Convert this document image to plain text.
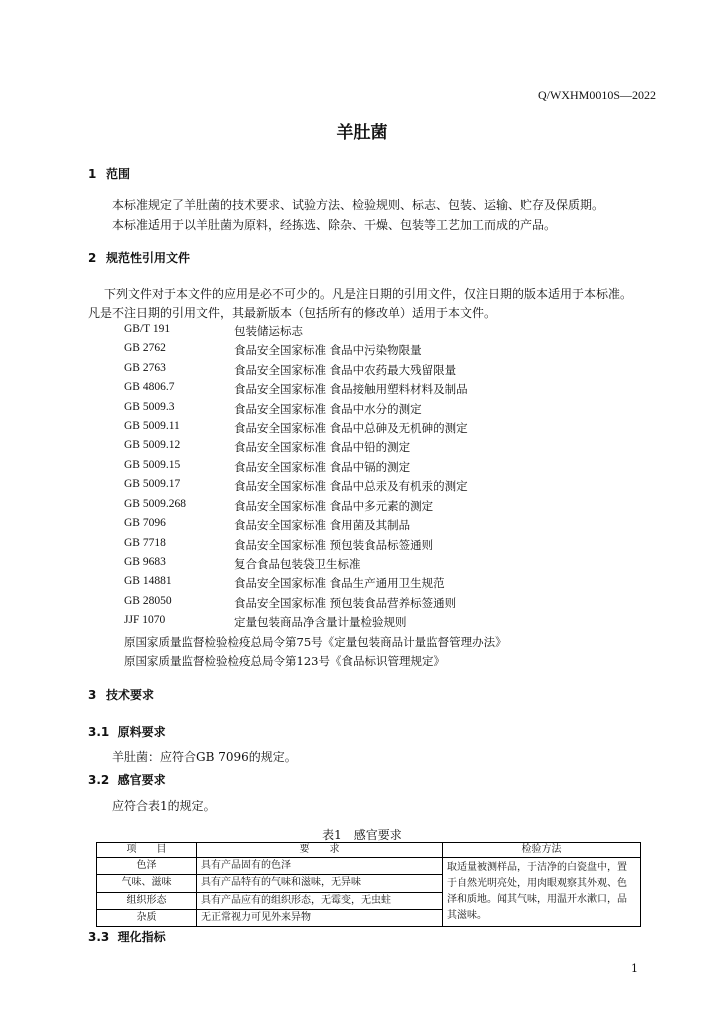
Q/WXHM0010S—2022
羊肚菌
1 范围
本标准规定了羊肚菌的技术要求、试验方法、检验规则、标志、包装、运输、贮存及保质期。
本标准适用于以羊肚菌为原料，经拣选、除杂、干燥、包装等工艺加工而成的产品。
2 规范性引用文件
下列文件对于本文件的应用是必不可少的。凡是注日期的引用文件，仅注日期的版本适用于本标准。
凡是不注日期的引用文件，其最新版本（包括所有的修改单）适用于本文件。
GB/T 191	包装储运标志
GB 2762	食品安全国家标准 食品中污染物限量
GB 2763	食品安全国家标准 食品中农药最大残留限量
GB 4806.7	食品安全国家标准 食品接触用塑料材料及制品
GB 5009.3	食品安全国家标准 食品中水分的测定
GB 5009.11	食品安全国家标准 食品中总砷及无机砷的测定
GB 5009.12	食品安全国家标准 食品中铅的测定
GB 5009.15	食品安全国家标准 食品中镉的测定
GB 5009.17	食品安全国家标准 食品中总汞及有机汞的测定
GB 5009.268	食品安全国家标准 食品中多元素的测定
GB 7096	食品安全国家标准 食用菌及其制品
GB 7718	食品安全国家标准 预包装食品标签通则
GB 9683	复合食品包装袋卫生标准
GB 14881	食品安全国家标准 食品生产通用卫生规范
GB 28050	食品安全国家标准 预包装食品营养标签通则
JJF 1070	定量包装商品净含量计量检验规则
原国家质量监督检验检疫总局令第75号《定量包装商品计量监督管理办法》
原国家质量监督检验检疫总局令第123号《食品标识管理规定》
3 技术要求
3.1 原料要求
羊肚菌：应符合GB 7096的规定。
3.2 感官要求
应符合表1的规定。
表1　感官要求
项　　目	要　　求	检验方法
色泽	具有产品固有的色泽	取适量被测样品，于洁净的白瓷盘中，置于自然光明亮处，用肉眼观察其外观、色泽和质地。闻其气味，用温开水漱口，品其滋味。
气味、滋味	具有产品特有的气味和滋味，无异味	
组织形态	具有产品应有的组织形态，无霉变，无虫蛀	
杂质	无正常视力可见外来异物	
3.3 理化指标
1
